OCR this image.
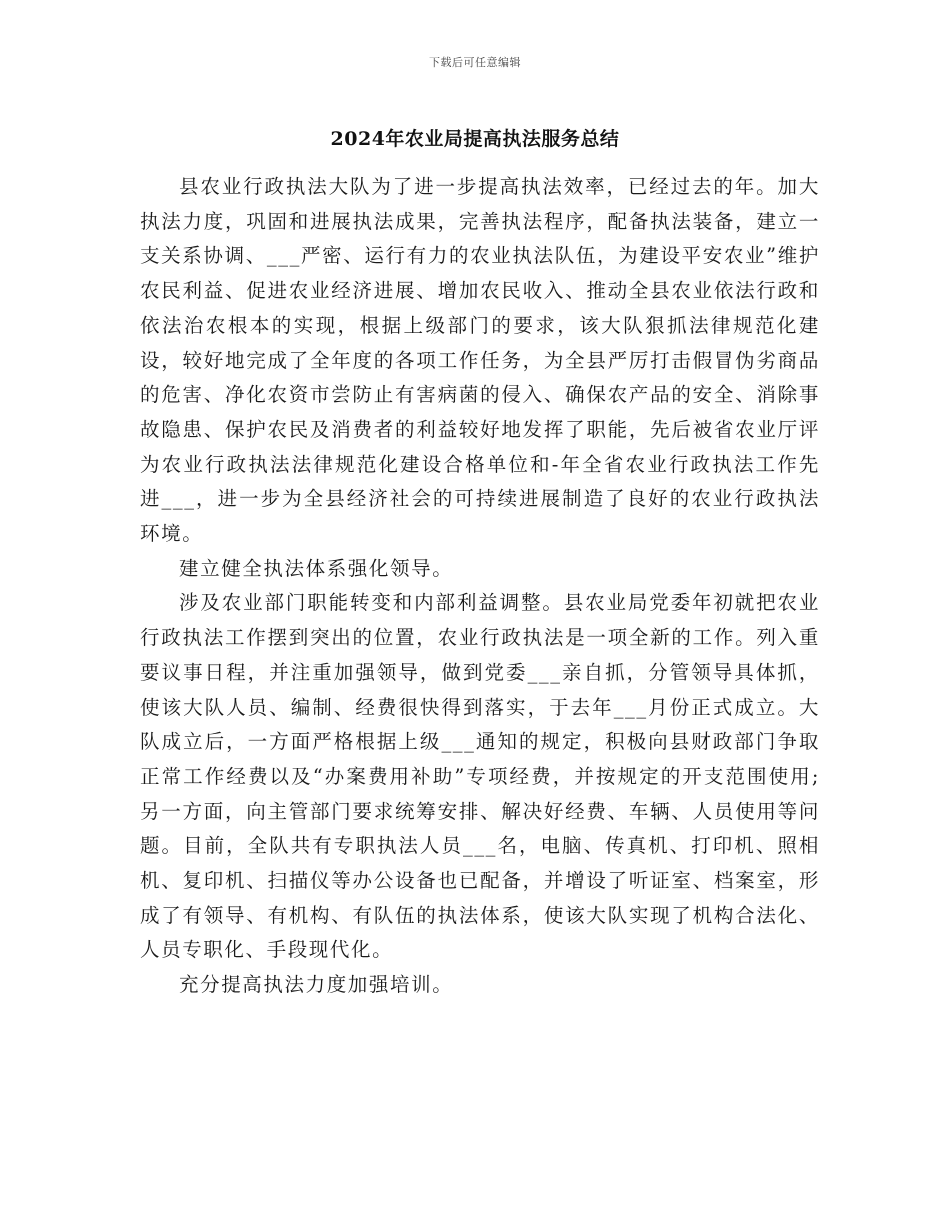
下载后可任意编辑
2024年农业局提高执法服务总结

县农业行政执法大队为了进一步提高执法效率，已经过去的年。加大执法力度，巩固和进展执法成果，完善执法程序，配备执法装备，建立一支关系协调、___严密、运行有力的农业执法队伍，为建设平安农业”维护农民利益、促进农业经济进展、增加农民收入、推动全县农业依法行政和依法治农根本的实现，根据上级部门的要求，该大队狠抓法律规范化建设，较好地完成了全年度的各项工作任务，为全县严厉打击假冒伪劣商品的危害、净化农资市尝防止有害病菌的侵入、确保农产品的安全、消除事故隐患、保护农民及消费者的利益较好地发挥了职能，先后被省农业厅评为农业行政执法法律规范化建设合格单位和-年全省农业行政执法工作先进___，进一步为全县经济社会的可持续进展制造了良好的农业行政执法环境。

建立健全执法体系强化领导。

涉及农业部门职能转变和内部利益调整。县农业局党委年初就把农业行政执法工作摆到突出的位置，农业行政执法是一项全新的工作。列入重要议事日程，并注重加强领导，做到党委___亲自抓，分管领导具体抓，使该大队人员、编制、经费很快得到落实，于去年___月份正式成立。大队成立后，一方面严格根据上级___通知的规定，积极向县财政部门争取正常工作经费以及“办案费用补助”专项经费，并按规定的开支范围使用;另一方面，向主管部门要求统筹安排、解决好经费、车辆、人员使用等问题。目前，全队共有专职执法人员___名，电脑、传真机、打印机、照相机、复印机、扫描仪等办公设备也已配备，并增设了听证室、档案室，形成了有领导、有机构、有队伍的执法体系，使该大队实现了机构合法化、人员专职化、手段现代化。

充分提高执法力度加强培训。
